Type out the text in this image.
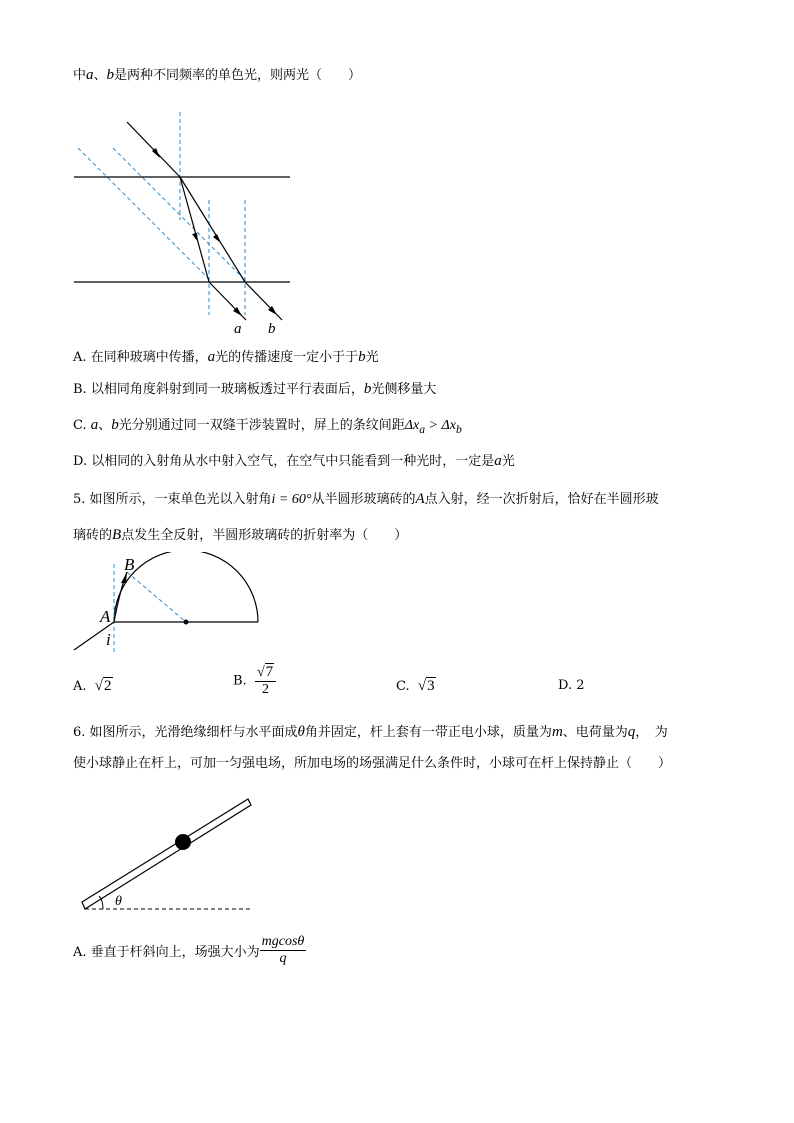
中a、b是两种不同频率的单色光，则两光（　　）
a b
A. 在同种玻璃中传播，a光的传播速度一定小于于b光
B. 以相同角度斜射到同一玻璃板透过平行表面后，b光侧移量大
C. a、b光分别通过同一双缝干涉装置时，屏上的条纹间距$\Delta x_a > \Delta x_b$
D. 以相同的入射角从水中射入空气，在空气中只能看到一种光时，一定是a光
5. 如图所示，一束单色光以入射角i = 60°从半圆形玻璃砖的A点入射，经一次折射后，恰好在半圆形玻
璃砖的B点发生全反射，半圆形玻璃砖的折射率为（　　）
A
B
i
A. √2	B. $\frac{√7}{2}$	C. √3	D. 2
6. 如图所示，光滑绝缘细杆与水平面成θ角并固定，杆上套有一带正电小球，质量为m、电荷量为q，　为
使小球静止在杆上，可加一匀强电场，所加电场的场强满足什么条件时，小球可在杆上保持静止（　　）
θ
A. 垂直于杆斜向上，场强大小为 $\frac{mgcos\theta}{q}$
